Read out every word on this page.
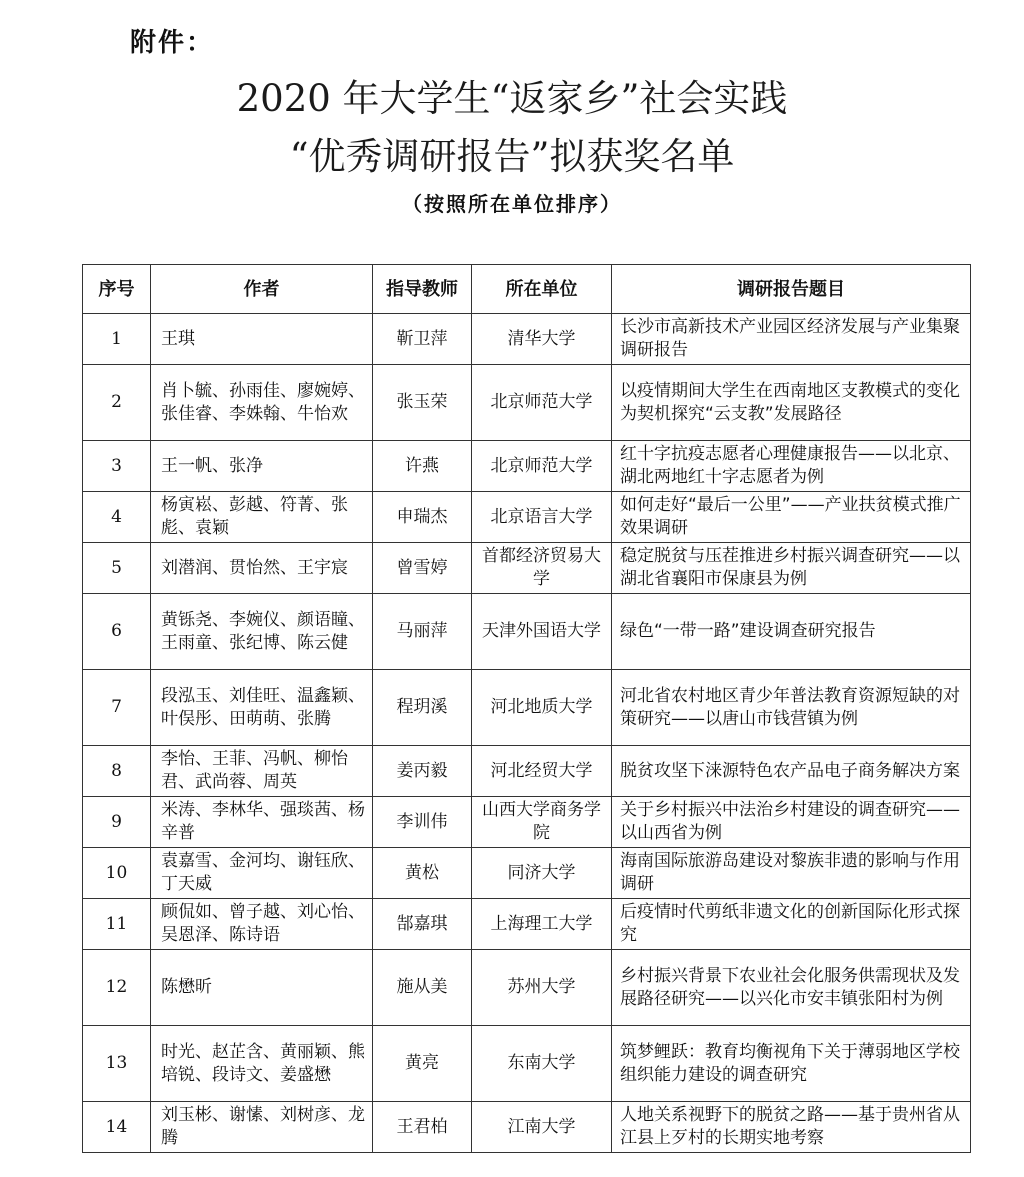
附件：
2020 年大学生“返家乡”社会实践
“优秀调研报告”拟获奖名单
（按照所在单位排序）
序号	作者	指导教师	所在单位	调研报告题目
1	王琪	靳卫萍	清华大学	长沙市高新技术产业园区经济发展与产业集聚调研报告
2	肖卜毓、孙雨佳、廖婉婷、张佳睿、李姝翰、牛怡欢	张玉荣	北京师范大学	以疫情期间大学生在西南地区支教模式的变化为契机探究“云支教”发展路径
3	王一帆、张净	许燕	北京师范大学	红十字抗疫志愿者心理健康报告——以北京、湖北两地红十字志愿者为例
4	杨寅崧、彭越、符菁、张彪、袁颖	申瑞杰	北京语言大学	如何走好“最后一公里”——产业扶贫模式推广效果调研
5	刘潜润、贯怡然、王宇宸	曾雪婷	首都经济贸易大学	稳定脱贫与压茬推进乡村振兴调查研究——以湖北省襄阳市保康县为例
6	黄铄尧、李婉仪、颜语瞳、王雨童、张纪博、陈云健	马丽萍	天津外国语大学	绿色“一带一路”建设调查研究报告
7	段泓玉、刘佳旺、温鑫颖、叶俣彤、田萌萌、张腾	程玥溪	河北地质大学	河北省农村地区青少年普法教育资源短缺的对策研究——以唐山市钱营镇为例
8	李怡、王菲、冯帆、柳怡君、武尚蓉、周英	姜丙毅	河北经贸大学	脱贫攻坚下涞源特色农产品电子商务解决方案
9	米涛、李林华、强琰茜、杨辛普	李训伟	山西大学商务学院	关于乡村振兴中法治乡村建设的调查研究——以山西省为例
10	袁嘉雪、金河均、谢钰欣、丁天威	黄松	同济大学	海南国际旅游岛建设对黎族非遗的影响与作用调研
11	顾侃如、曾子越、刘心怡、吴恩泽、陈诗语	郜嘉琪	上海理工大学	后疫情时代剪纸非遗文化的创新国际化形式探究
12	陈懋昕	施从美	苏州大学	乡村振兴背景下农业社会化服务供需现状及发展路径研究——以兴化市安丰镇张阳村为例
13	时光、赵芷含、黄丽颖、熊培锐、段诗文、姜盛懋	黄亮	东南大学	筑梦鲤跃：教育均衡视角下关于薄弱地区学校组织能力建设的调查研究
14	刘玉彬、谢愫、刘树彦、龙腾	王君柏	江南大学	人地关系视野下的脱贫之路——基于贵州省从江县上歹村的长期实地考察
